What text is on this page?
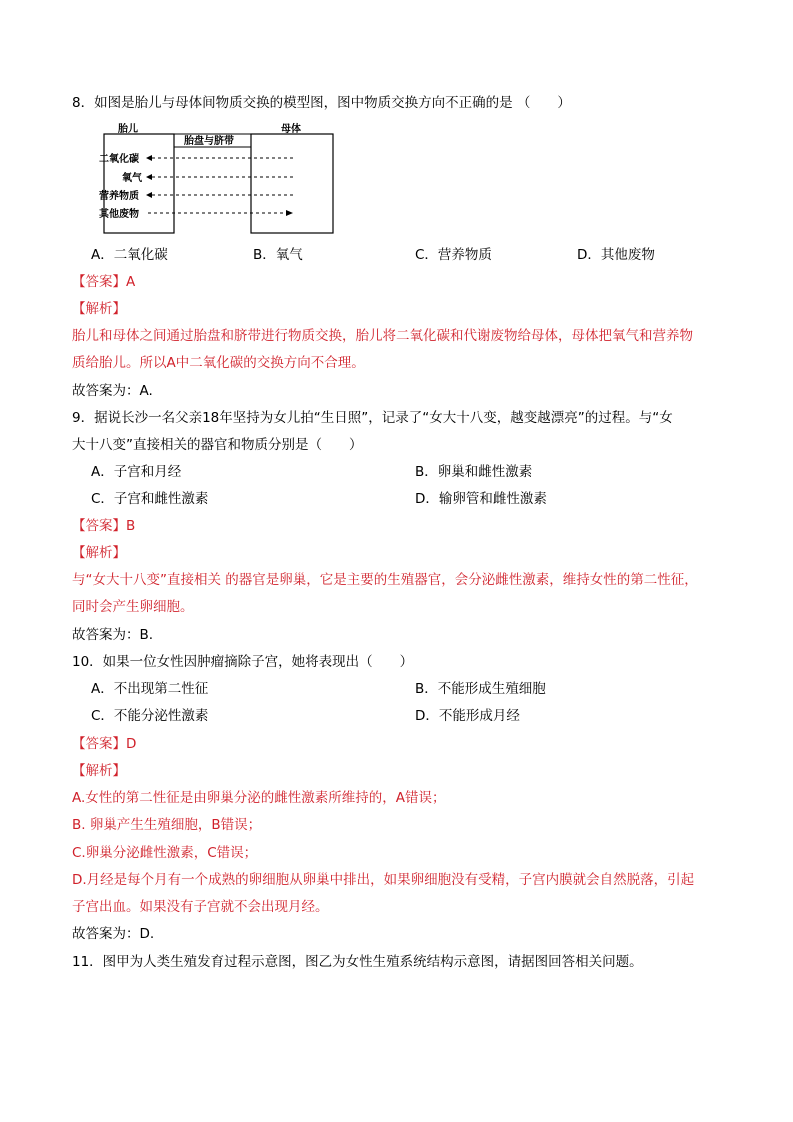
8．如图是胎儿与母体间物质交换的模型图，图中物质交换方向不正确的是 （　　）
胎儿	母体
胎盘与脐带
二氧化碳
氧气
营养物质
其他废物
A．二氧化碳	B．氧气	C．营养物质	D．其他废物
【答案】A
【解析】
胎儿和母体之间通过胎盘和脐带进行物质交换，胎儿将二氧化碳和代谢废物给母体，母体把氧气和营养物
质给胎儿。所以A中二氧化碳的交换方向不合理。
故答案为：A.
9．据说长沙一名父亲18年坚持为女儿拍“生日照”，记录了“女大十八变，越变越漂亮”的过程。与“女
大十八变”直接相关的器官和物质分别是（　　）
A．子宫和月经	B．卵巢和雌性激素
C．子宫和雌性激素	D．输卵管和雌性激素
【答案】B
【解析】
与“女大十八变”直接相关 的器官是卵巢，它是主要的生殖器官，会分泌雌性激素，维持女性的第二性征，
同时会产生卵细胞。
故答案为：B.
10．如果一位女性因肿瘤摘除子宫，她将表现出（　　）
A．不出现第二性征	B．不能形成生殖细胞
C．不能分泌性激素	D．不能形成月经
【答案】D
【解析】
A.女性的第二性征是由卵巢分泌的雌性激素所维持的，A错误；
B. 卵巢产生生殖细胞，B错误；
C.卵巢分泌雌性激素，C错误；
D.月经是每个月有一个成熟的卵细胞从卵巢中排出，如果卵细胞没有受精，子宫内膜就会自然脱落，引起
子宫出血。如果没有子宫就不会出现月经。
故答案为：D.
11．图甲为人类生殖发育过程示意图，图乙为女性生殖系统结构示意图，请据图回答相关问题。
